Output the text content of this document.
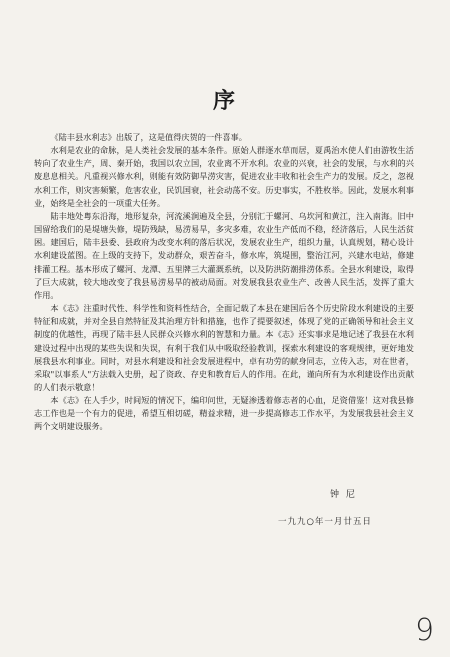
序

《陆丰县水利志》出版了，这是值得庆贺的一件喜事。

水利是农业的命脉，是人类社会发展的基本条件。原始人群逐水草而居，夏禹治水使人们由游牧生活转向了农业生产，周、秦开始，我国以农立国，农业离不开水利。农业的兴衰，社会的发展，与水利的兴废息息相关。凡重视兴修水利，则能有效防御旱涝灾害，促进农业丰收和社会生产力的发展。反之，忽视水利工作，则灾害频繁，危害农业，民饥国衰，社会动荡不安。历史事实，不胜枚举。因此，发展水利事业，始终是全社会的一项重大任务。

陆丰地处粤东沿海，地形复杂，河流溪涧遍及全县，分别汇于螺河、乌坎河和黄江，注入南海。旧中国留给我们的是堤塘失修，堤防残缺，易涝易旱，多灾多难，农业生产低而不稳，经济落后，人民生活贫困。建国后，陆丰县委、县政府为改变水利的落后状况，发展农业生产，组织力量，认真规划，精心设计水利建设蓝图。在上级的支持下，发动群众，艰苦奋斗，修水库，筑堤围，整治江河，兴建水电站，修建排灌工程。基本形成了螺河、龙潭、五里牌三大灌溉系统，以及防洪防潮排涝体系。全县水利建设，取得了巨大成就，较大地改变了我县易涝易旱的被动局面。对发展我县农业生产、改善人民生活，发挥了重大作用。

本《志》注重时代性、科学性和资料性结合，全面记载了本县在建国后各个历史阶段水利建设的主要特征和成就，并对全县自然特征及其治理方针和措施，也作了提要叙述，体现了党的正确领导和社会主义制度的优越性，再现了陆丰县人民群众兴修水利的智慧和力量。本《志》还实事求是地记述了我县在水利建设过程中出现的某些失误和失误，有利于我们从中吸取经验教训，探索水利建设的客观规律，更好地发展我县水利事业。同时，对县水利建设和社会发展进程中，卓有功劳的献身同志，立传入志，对在世者，采取"以事系人"方法载入史册，起了资政、存史和教育后人的作用。在此，谨向所有为水利建设作出贡献的人们表示敬意！

本《志》在人手少，时间短的情况下，编印问世，无疑渗透着修志者的心血，足资借鉴！这对我县修志工作也是一个有力的促进，希望互相切磋，精益求精，进一步提高修志工作水平，为发展我县社会主义两个文明建设服务。

钟 尼
一九九○年一月廿五日
9
